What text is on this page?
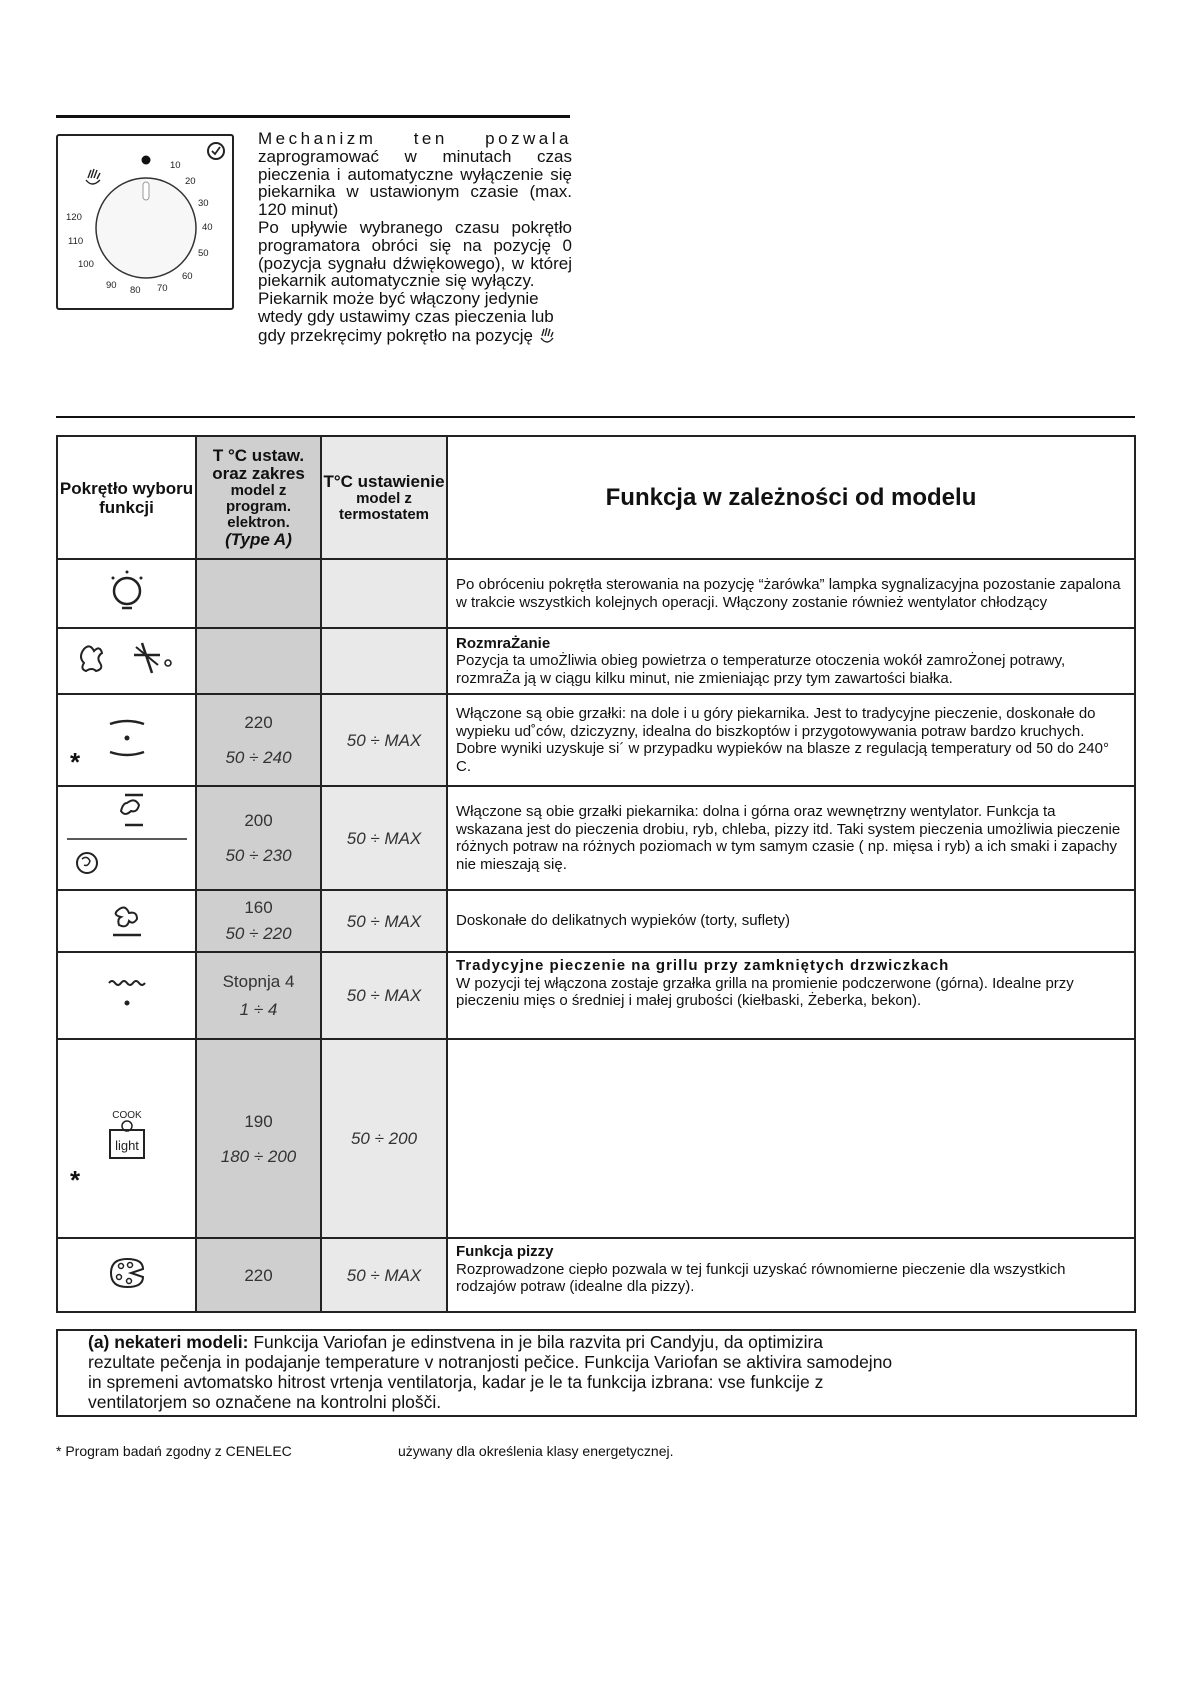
10
20
30
40
50
60
70
80
90
100
110
120

Mechanizm ten pozwala

zaprogramować w minutach czas pieczenia i automatyczne wyłączenie się piekarnika w ustawionym czasie (max. 120 minut)

Po upływie wybranego czasu pokrętło programatora obróci się na pozycję 0 (pozycja sygnału dźwiękowego), w której piekarnik automatycznie się wyłączy.

Piekarnik może być włączony jedynie wtedy gdy ustawimy czas pieczenia lub gdy przekręcimy pokrętło na pozycję

Pokrętło wyboru funkcji	T °C ustaw. oraz zakres
model z program. elektron.
(Type A)	T°C ustawienie
model z termostatem	Funkcja w zależności od modelu
			Po obróceniu pokrętła sterowania na pozycję “żarówka” lampka sygnalizacyjna pozostanie zapalona w trakcie wszystkich kolejnych operacji. Włączony zostanie również wentylator chłodzący
			RozmraŻanie
Pozycja ta umoŻliwia obieg powietrza o temperaturze otoczenia wokół zamroŻonej potrawy, rozmraŻa ją w ciągu kilku minut, nie zmieniając przy tym zawartości białka.

*	220
50 ÷ 240	50 ÷ MAX	Włączone są obie grzałki: na dole i u góry piekarnika. Jest to tradycyjne pieczenie, doskonałe do wypieku ud˚ców, dziczyzny, idealna do biszkoptów i przygotowywania potraw bardzo kruchych. Dobre wyniki uzyskuje si´ w przypadku wypieków na blasze z regulacją temperatury od 50 do 240° C.
	200
50 ÷ 230	50 ÷ MAX	Włączone są obie grzałki piekarnika: dolna i górna oraz wewnętrzny wentylator. Funkcja ta wskazana jest do pieczenia drobiu, ryb, chleba, pizzy itd. Taki system pieczenia umożliwia pieczenie różnych potraw na różnych poziomach w tym samym czasie ( np. mięsa i ryb) a ich smaki i zapachy nie mieszają się.
	160
50 ÷ 220	50 ÷ MAX	Doskonałe do delikatnych wypieków (torty, suflety)
	Stopnja 4
1 ÷ 4	50 ÷ MAX	Tradycyjne pieczenie na grillu przy zamkniętych drzwiczkach
W pozycji tej włączona zostaje grzałka grilla na promienie podczerwone (górna). Idealne przy pieczeniu mięs o średniej i małej grubości (kiełbaski, Żeberka, bekon).

COOK
light
*	190
180 ÷ 200	50 ÷ 200	
	220	50 ÷ MAX	Funkcja pizzy
Rozprowadzone ciepło pozwala w tej funkcji uzyskać równomierne pieczenie dla wszystkich rodzajów potraw (idealne dla pizzy).
(a) nekateri modeli: Funkcija Variofan je edinstvena in je bila razvita pri Candyju, da optimizira rezultate pečenja in podajanje temperature v notranjosti pečice. Funkcija Variofan se aktivira samodejno in spremeni avtomatsko hitrost vrtenja ventilatorja, kadar je le ta funkcija izbrana: vse funkcije z ventilatorjem so označene na kontrolni plošči.
* Program badań zgodny z CENELEC	używany dla określenia klasy energetycznej.
